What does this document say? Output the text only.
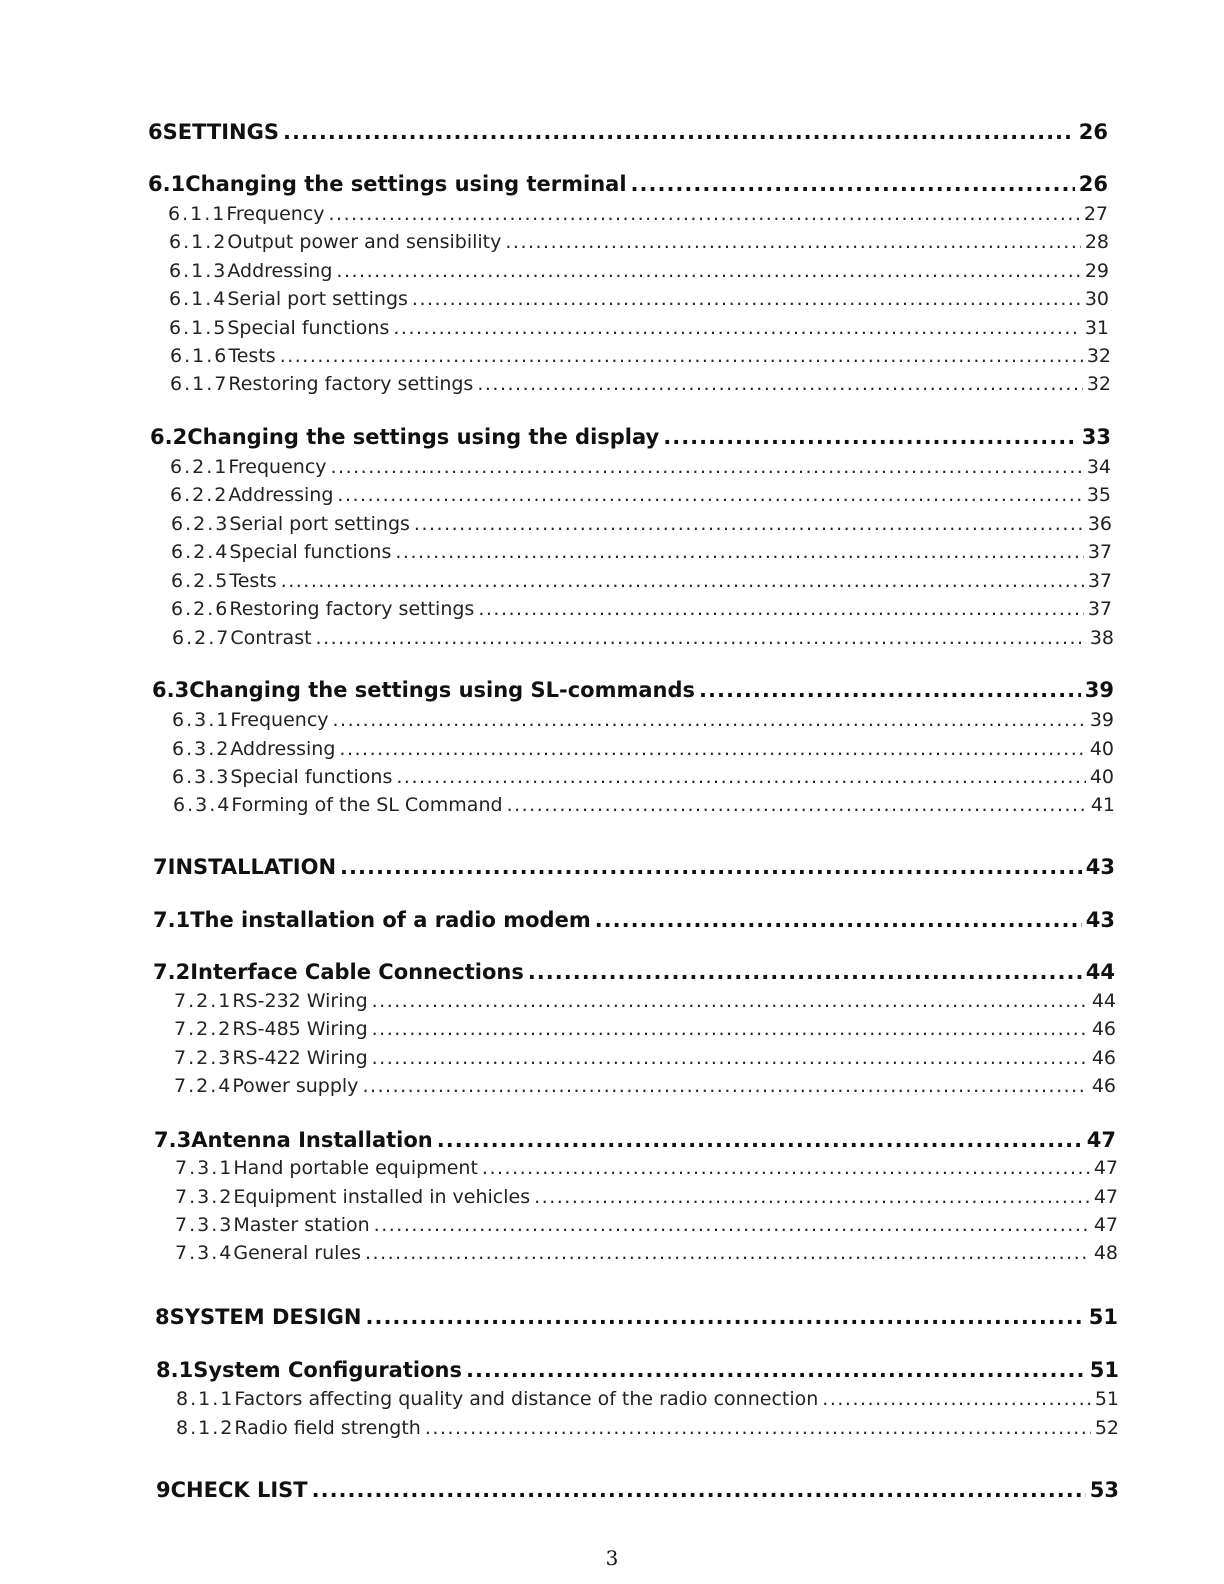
6 SETTINGS .....	26
6.1 Changing the settings using terminal .....	26
6.1.1 Frequency .....	27
6.1.2 Output power and sensibility .....	28
6.1.3 Addressing .....	29
6.1.4 Serial port settings .....	30
6.1.5 Special functions .....	31
6.1.6 Tests .....	32
6.1.7 Restoring factory settings .....	32
6.2 Changing the settings using the display .....	33
6.2.1 Frequency .....	34
6.2.2 Addressing .....	35
6.2.3 Serial port settings .....	36
6.2.4 Special functions .....	37
6.2.5 Tests .....	37
6.2.6 Restoring factory settings .....	37
6.2.7 Contrast .....	38
6.3 Changing the settings using SL-commands .....	39
6.3.1 Frequency .....	39
6.3.2 Addressing .....	40
6.3.3 Special functions .....	40
6.3.4 Forming of the SL Command .....	41
7 INSTALLATION .....	43
7.1 The installation of a radio modem .....	43
7.2 Interface Cable Connections .....	44
7.2.1 RS-232 Wiring .....	44
7.2.2 RS-485 Wiring .....	46
7.2.3 RS-422 Wiring .....	46
7.2.4 Power supply .....	46
7.3 Antenna Installation .....	47
7.3.1 Hand portable equipment .....	47
7.3.2 Equipment installed in vehicles .....	47
7.3.3 Master station .....	47
7.3.4 General rules .....	48
8 SYSTEM DESIGN .....	51
8.1 System Configurations .....	51
8.1.1 Factors affecting quality and distance of the radio connection .....	51
8.1.2 Radio field strength .....	52
9 CHECK LIST .....	53
3
